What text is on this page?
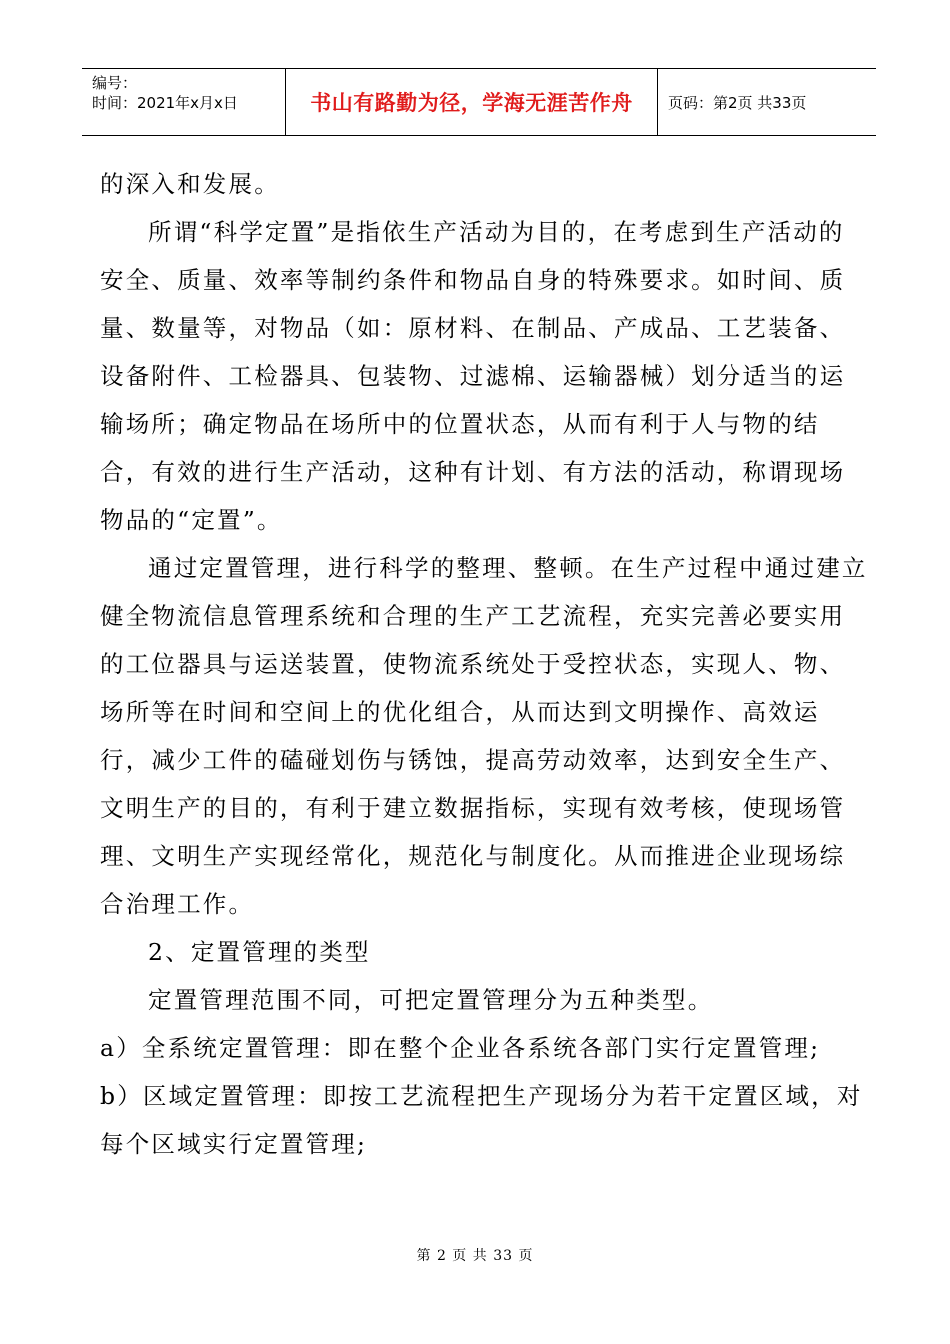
编号：
时间：2021年x月x日	书山有路勤为径，学海无涯苦作舟	页码：第2页 共33页

的深入和发展。

所谓“科学定置”是指依生产活动为目的，在考虑到生产活动的安全、质量、效率等制约条件和物品自身的特殊要求。如时间、质量、数量等，对物品（如：原材料、在制品、产成品、工艺装备、设备附件、工检器具、包装物、过滤棉、运输器械）划分适当的运输场所；确定物品在场所中的位置状态，从而有利于人与物的结合，有效的进行生产活动，这种有计划、有方法的活动，称谓现场物品的“定置”。

通过定置管理，进行科学的整理、整顿。在生产过程中通过建立健全物流信息管理系统和合理的生产工艺流程，充实完善必要实用的工位器具与运送装置，使物流系统处于受控状态，实现人、物、场所等在时间和空间上的优化组合，从而达到文明操作、高效运行，减少工件的磕碰划伤与锈蚀，提高劳动效率，达到安全生产、文明生产的目的，有利于建立数据指标，实现有效考核，使现场管理、文明生产实现经常化，规范化与制度化。从而推进企业现场综合治理工作。

2、定置管理的类型

定置管理范围不同，可把定置管理分为五种类型。

a）全系统定置管理：即在整个企业各系统各部门实行定置管理;

b）区域定置管理：即按工艺流程把生产现场分为若干定置区域，对每个区域实行定置管理;

第 2 页 共 33 页
